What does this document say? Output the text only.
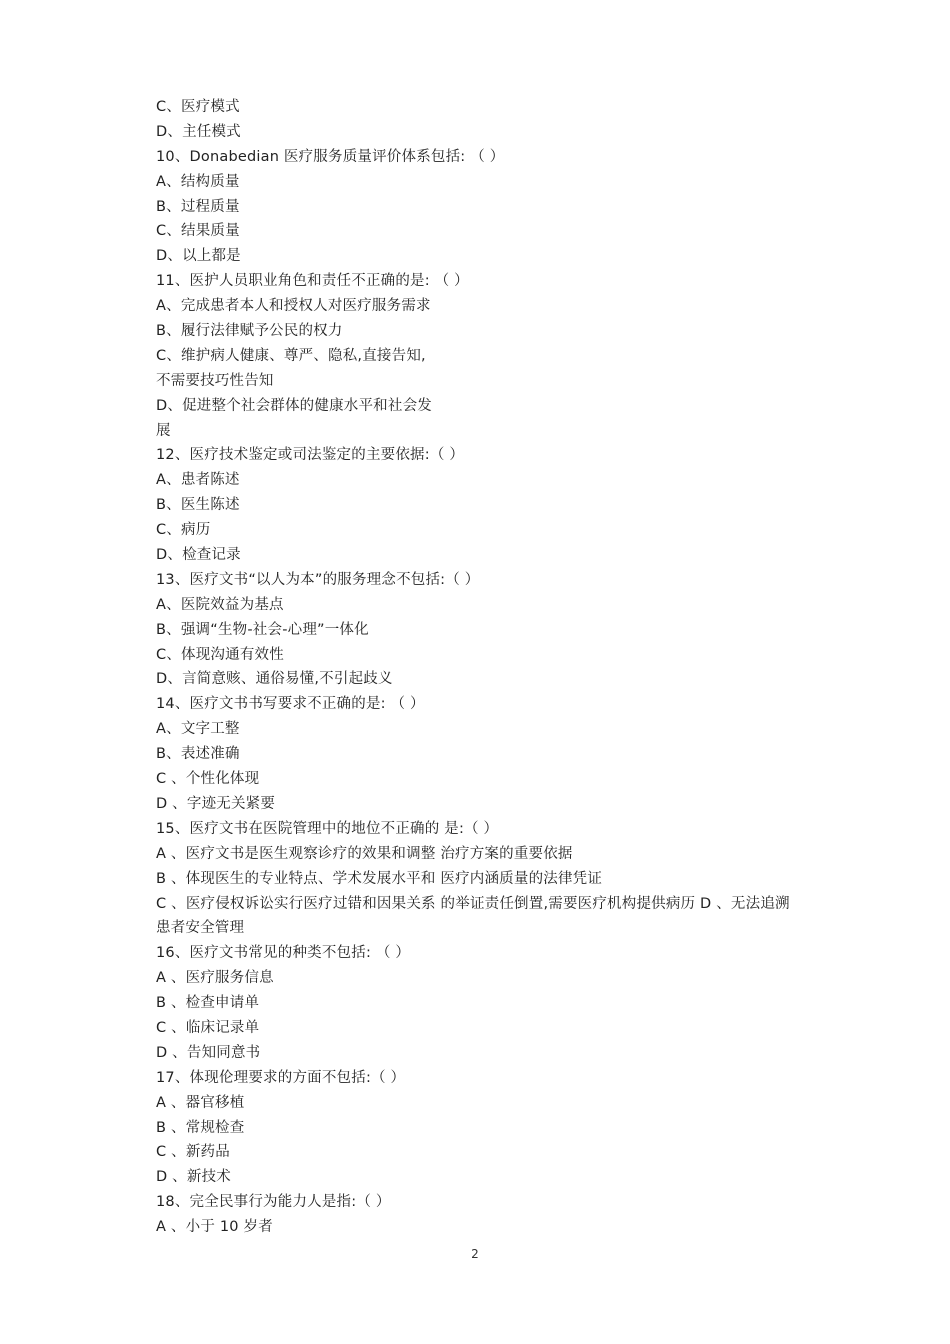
C、医疗模式
D、主任模式
10、Donabedian 医疗服务质量评价体系包括: （ ）
A、结构质量
B、过程质量
C、结果质量
D、以上都是
11、医护人员职业角色和责任不正确的是: （ ）
A、完成患者本人和授权人对医疗服务需求
B、履行法律赋予公民的权力
C、维护病人健康、尊严、隐私,直接告知,
不需要技巧性告知
D、促进整个社会群体的健康水平和社会发
展
12、医疗技术鉴定或司法鉴定的主要依据:（ ）
A、患者陈述
B、医生陈述
C、病历
D、检查记录
13、医疗文书“以人为本”的服务理念不包括:（ ）
A、医院效益为基点
B、强调“生物-社会-心理”一体化
C、体现沟通有效性
D、言简意赅、通俗易懂,不引起歧义
14、医疗文书书写要求不正确的是: （ ）
A、文字工整
B、表述准确
C 、个性化体现
D 、字迹无关紧要
15、医疗文书在医院管理中的地位不正确的 是:（ ）
A 、医疗文书是医生观察诊疗的效果和调整 治疗方案的重要依据
B 、体现医生的专业特点、学术发展水平和 医疗内涵质量的法律凭证
C 、医疗侵权诉讼实行医疗过错和因果关系 的举证责任倒置,需要医疗机构提供病历 D 、无法追溯
患者安全管理
16、医疗文书常见的种类不包括: （ ）
A 、医疗服务信息
B 、检查申请单
C 、临床记录单
D 、告知同意书
17、体现伦理要求的方面不包括:（ ）
A 、器官移植
B 、常规检查
C 、新药品
D 、新技术
18、完全民事行为能力人是指:（ ）
A 、小于 10 岁者
2
